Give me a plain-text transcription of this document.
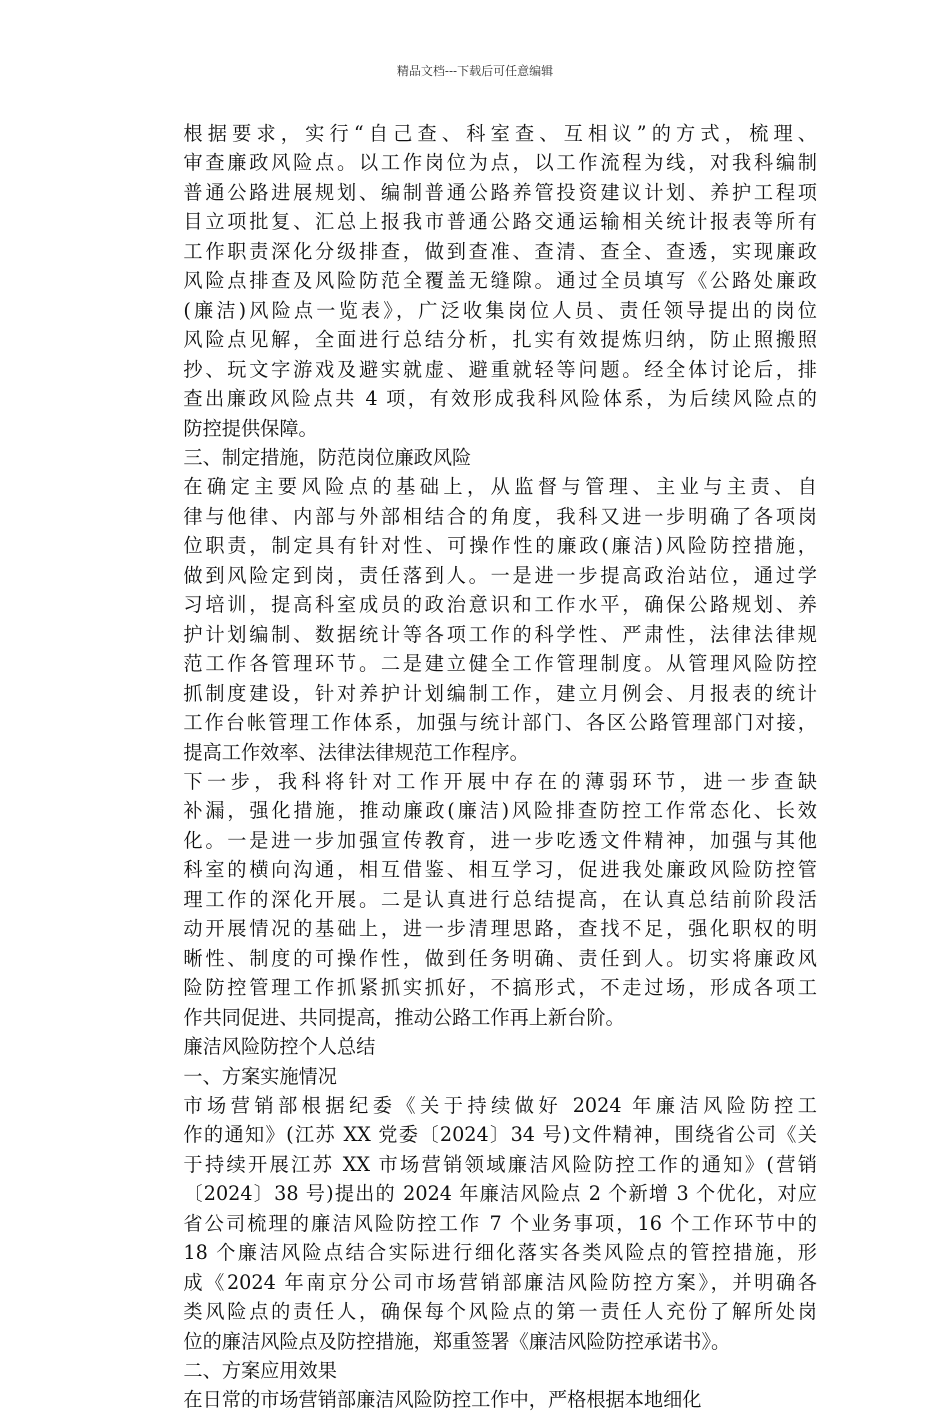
精品文档---下载后可任意编辑

根据要求，实行“自己查、科室查、互相议”的方式，梳理、
审查廉政风险点。以工作岗位为点，以工作流程为线，对我科编制
普通公路进展规划、编制普通公路养管投资建议计划、养护工程项
目立项批复、汇总上报我市普通公路交通运输相关统计报表等所有
工作职责深化分级排查，做到查准、查清、查全、查透，实现廉政
风险点排查及风险防范全覆盖无缝隙。通过全员填写《公路处廉政
(廉洁)风险点一览表》，广泛收集岗位人员、责任领导提出的岗位
风险点见解，全面进行总结分析，扎实有效提炼归纳，防止照搬照
抄、玩文字游戏及避实就虚、避重就轻等问题。经全体讨论后，排
查出廉政风险点共 4 项，有效形成我科风险体系，为后续风险点的
防控提供保障。

三、制定措施，防范岗位廉政风险

在确定主要风险点的基础上，从监督与管理、主业与主责、自
律与他律、内部与外部相结合的角度，我科又进一步明确了各项岗
位职责，制定具有针对性、可操作性的廉政(廉洁)风险防控措施，
做到风险定到岗，责任落到人。一是进一步提高政治站位，通过学
习培训，提高科室成员的政治意识和工作水平，确保公路规划、养
护计划编制、数据统计等各项工作的科学性、严肃性，法律法律规
范工作各管理环节。二是建立健全工作管理制度。从管理风险防控
抓制度建设，针对养护计划编制工作，建立月例会、月报表的统计
工作台帐管理工作体系，加强与统计部门、各区公路管理部门对接，
提高工作效率、法律法律规范工作程序。

下一步，我科将针对工作开展中存在的薄弱环节，进一步查缺
补漏，强化措施，推动廉政(廉洁)风险排查防控工作常态化、长效
化。一是进一步加强宣传教育，进一步吃透文件精神，加强与其他
科室的横向沟通，相互借鉴、相互学习，促进我处廉政风险防控管
理工作的深化开展。二是认真进行总结提高，在认真总结前阶段活
动开展情况的基础上，进一步清理思路，查找不足，强化职权的明
晰性、制度的可操作性，做到任务明确、责任到人。切实将廉政风
险防控管理工作抓紧抓实抓好，不搞形式，不走过场，形成各项工
作共同促进、共同提高，推动公路工作再上新台阶。

廉洁风险防控个人总结

一、方案实施情况

市场营销部根据纪委《关于持续做好 2024 年廉洁风险防控工
作的通知》(江苏 XX 党委〔2024〕34 号)文件精神，围绕省公司《关
于持续开展江苏 XX 市场营销领域廉洁风险防控工作的通知》(营销
〔2024〕38 号)提出的 2024 年廉洁风险点 2 个新增 3 个优化，对应
省公司梳理的廉洁风险防控工作 7 个业务事项，16 个工作环节中的
18 个廉洁风险点结合实际进行细化落实各类风险点的管控措施，形
成《2024 年南京分公司市场营销部廉洁风险防控方案》，并明确各
类风险点的责任人，确保每个风险点的第一责任人充份了解所处岗
位的廉洁风险点及防控措施，郑重签署《廉洁风险防控承诺书》。

二、方案应用效果

在日常的市场营销部廉洁风险防控工作中，严格根据本地细化
